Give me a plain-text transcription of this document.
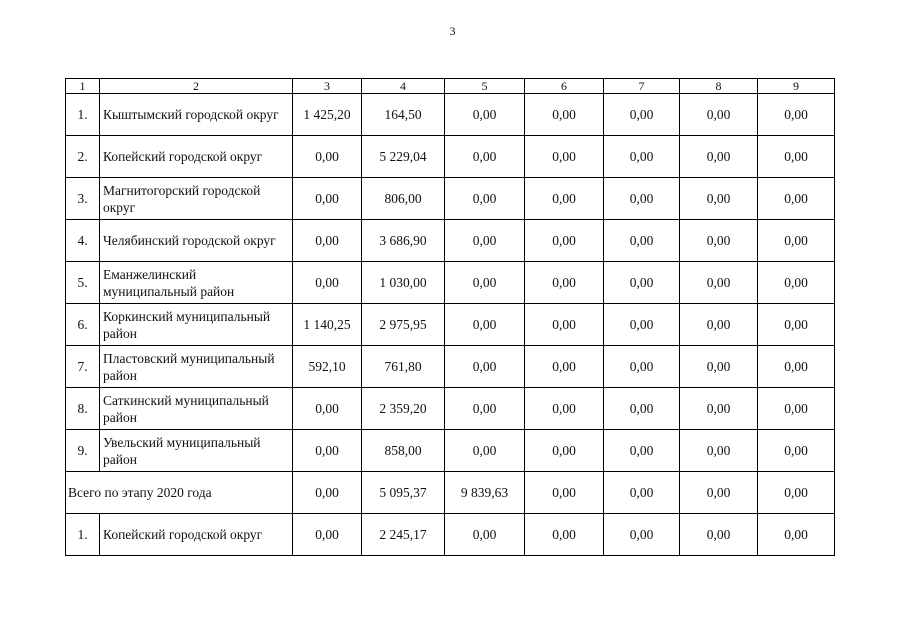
3
1	2	3	4	5	6	7	8	9
1.	Кыштымский городской округ	1 425,20	164,50	0,00	0,00	0,00	0,00	0,00
2.	Копейский городской округ	0,00	5 229,04	0,00	0,00	0,00	0,00	0,00
3.	Магнитогорский городской округ	0,00	806,00	0,00	0,00	0,00	0,00	0,00
4.	Челябинский городской округ	0,00	3 686,90	0,00	0,00	0,00	0,00	0,00
5.	Еманжелинский муниципальный район	0,00	1 030,00	0,00	0,00	0,00	0,00	0,00
6.	Коркинский муниципальный район	1 140,25	2 975,95	0,00	0,00	0,00	0,00	0,00
7.	Пластовский муниципальный район	592,10	761,80	0,00	0,00	0,00	0,00	0,00
8.	Саткинский муниципальный район	0,00	2 359,20	0,00	0,00	0,00	0,00	0,00
9.	Увельский муниципальный район	0,00	858,00	0,00	0,00	0,00	0,00	0,00
Всего по этапу 2020 года		0,00	5 095,37	9 839,63	0,00	0,00	0,00	0,00
1.	Копейский городской округ	0,00	2 245,17	0,00	0,00	0,00	0,00	0,00
